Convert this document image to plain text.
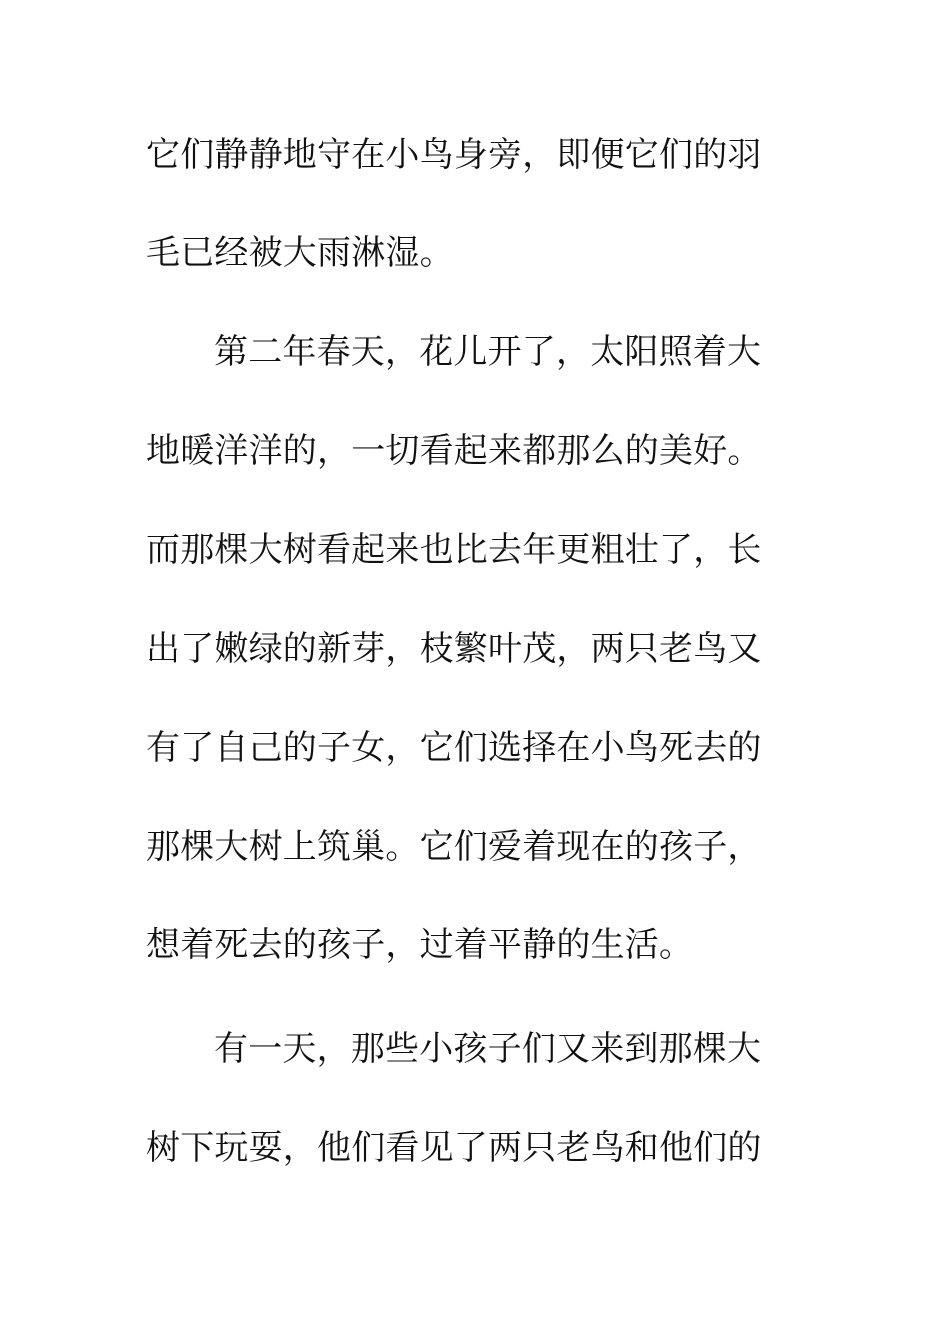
它们静静地守在小鸟身旁，即便它们的羽
毛已经被大雨淋湿。
第二年春天，花儿开了，太阳照着大
地暖洋洋的，一切看起来都那么的美好。
而那棵大树看起来也比去年更粗壮了，长
出了嫩绿的新芽，枝繁叶茂，两只老鸟又
有了自己的子女，它们选择在小鸟死去的
那棵大树上筑巢。它们爱着现在的孩子，
想着死去的孩子，过着平静的生活。
有一天，那些小孩子们又来到那棵大
树下玩耍，他们看见了两只老鸟和他们的
